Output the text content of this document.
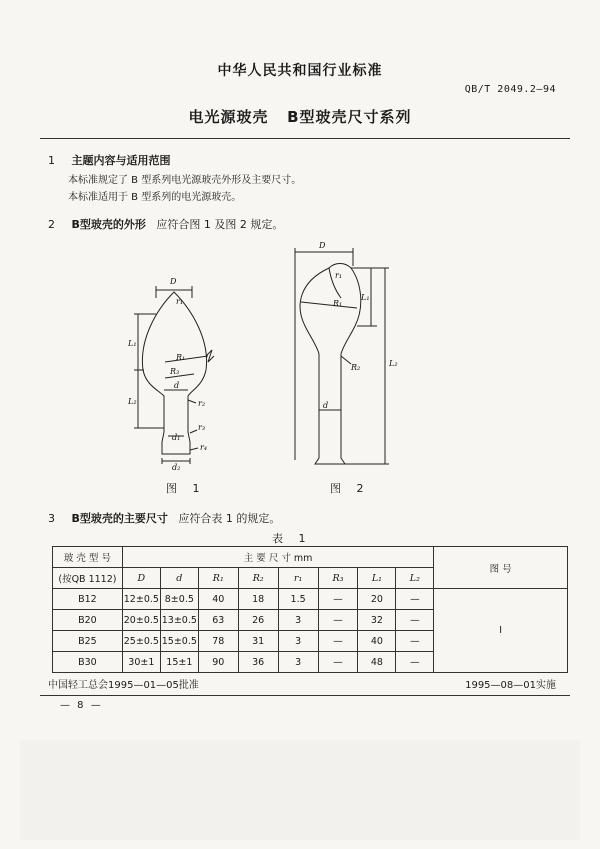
中华人民共和国行业标准
QB/T 2049.2—94
电光源玻壳 B型玻壳尺寸系列
1 主题内容与适用范围
本标准规定了 B 型系列电光源玻壳外形及主要尺寸。
本标准适用于 B 型系列的电光源玻壳。
2 B型玻壳的外形 应符合图 1 及图 2 规定。
D
r₁
L₁
R₁
R₃
d
L₂	r₂
r₃
d₁
r₄
d₂
D
r₁
R₁
L₁
L₂
R₂
d
图 1	图 2
3 B型玻壳的主要尺寸 应符合表 1 的规定。
表 1
玻 壳 型 号	主 要 尺 寸 mm								图 号
(按QB 1112)	D	d	R₁	R₂	r₁	R₃	L₁	L₂	
B12	12±0.5	8±0.5	40	18	1.5	—	20	—	I
B20	20±0.5	13±0.5	63	26	3	—	32	—	
B25	25±0.5	15±0.5	78	31	3	—	40	—	
B30	30±1	15±1	90	36	3	—	48	—	
中国轻工总会1995—01—05批准	1995—08—01实施
— 8 —
